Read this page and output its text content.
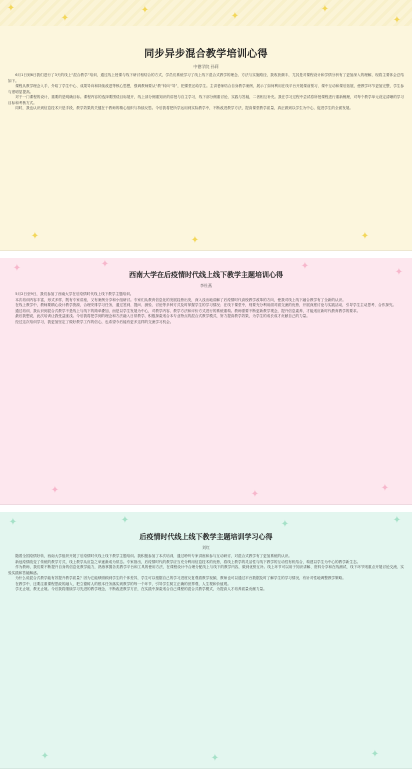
✦
✦
✦
✦
✦
✦
✦	✦	✦
同步异步混合教学培训心得
中德学院 孙莉

6月1日到6日我们进行了3天的线上“混合教学”培训，通过线上授课与线下研讨相结合的方式，学员们系统学习了线上线下混合式教学的理念、方法与实施路径，我收获颇丰，尤其是对课程设计和学情分析有了更加深入的理解，现将主要体会总结如下。

课程从教学理念入手，介绍了学生中心、成果导向和持续改进等核心思想，强调教师要从“教”转向“导”，把课堂还给学生。主讲老师结合自身教学案例，展示了如何利用在线平台开展课前预习、课中互动和课后拓展，使教学环节更加完整，学生参与度明显提高。

对于一门课程的设计，重要的是明确目标。课程内容的选择要围绕目标展开，线上部分侧重知识的讲授与自主学习，线下部分侧重讨论、实践与答疑，二者相互补充。我在学习过程中尝试将所授课程进行重新梳理，对每个教学单元设定清晰的学习目标和考核方式。

同时，我也认识到信息技术只是手段，教学效果的关键在于教师的精心组织与持续反思。今后我将把所学运用到实际教学中，不断改进教学方法，提高课堂教学质量，真正做到以学生为中心，促进学生的全面发展。

✦	✦	✦
✦
✦	✦
✦
西南大学在后疫情时代线上线下教学主题培训心得
李杜燕

5月2日至9日，我们参加了西南大学在后疫情时代线上线下教学主题培训。

本次培训内容丰富，形式多样，既有专家讲座，又有案例分享和小组研讨。专家们从教育信息化的发展趋势出发，深入浅出地讲解了后疫情时代高校教学改革的方向，使我对线上线下融合教学有了全新的认识。

在线上教学中，教师要精心设计教学资源，合理安排学习任务，通过签到、提问、测验、讨论等多种方式及时掌握学生的学习情况；在线下课堂中，则要充分利用面对面交流的优势，开展深度讨论与实践活动，引导学生主动思考、合作探究。

通过培训，我认识到混合式教学不是线上与线下的简单叠加，而是以学生发展为中心，对教学内容、教学方法和评价方式进行的系统重构。教师需要不断更新教学观念，提升信息素养，才能适应新时代教育教学的要求。

最后我想说，此次培训让我受益匪浅。今后我将把学到的理念和方法融入日常教学，积极探索适合本专业特点的混合式教学模式，努力提高教学效果，为学生的成长成才贡献自己的力量。

经过这次培训学习，我更加坚定了做好教学工作的信心，也希望今后能有更多这样的交流学习机会。

✦	✦	✦	✦
✦	✦	✦
后疫情时代线上线下教学主题培训学习心得
刘红

随着全国疫情好转，西南大学组织开展了后疫情时代线上线下教学主题培训。我积极参加了本次培训，通过聆听专家讲座和参与互动研讨，对混合式教学有了更加系统的认识。

新冠疫情改变了传统的教学方式，线上教学从应急之举逐渐成为常态。专家指出，后疫情时代的教学应当充分利用信息技术的优势，将线上教学的灵活性与线下教学的互动性有机结合，构建以学生为中心的教学新生态。

作为教师，我们要不断提升自身的信息化教学能力，熟练掌握各类教学平台和工具的使用方法，在课程设计中合理分配线上与线下的教学内容，做到优势互补。线上环节可以用于知识讲解、资料分享和在线测试，线下环节则重点开展讨论交流、实验实践和答疑解惑。

为什么说混合式教学能有效提升教学质量？因为它能够照顾到学生的个体差异，学生可以根据自己的学习进度反复观看教学视频，教师也可以通过平台数据及时了解学生的学习情况，有针对性地调整教学策略。

在教学中，还要注重课程思政的融入，把立德树人的根本任务落实到教学的每一个环节，引导学生树立正确的世界观、人生观和价值观。

学无止境，教无止境。今后我将继续学习先进的教学理念，不断改进教学方法，在实践中探索适合自己课程的混合式教学模式，为提高人才培养质量贡献力量。
